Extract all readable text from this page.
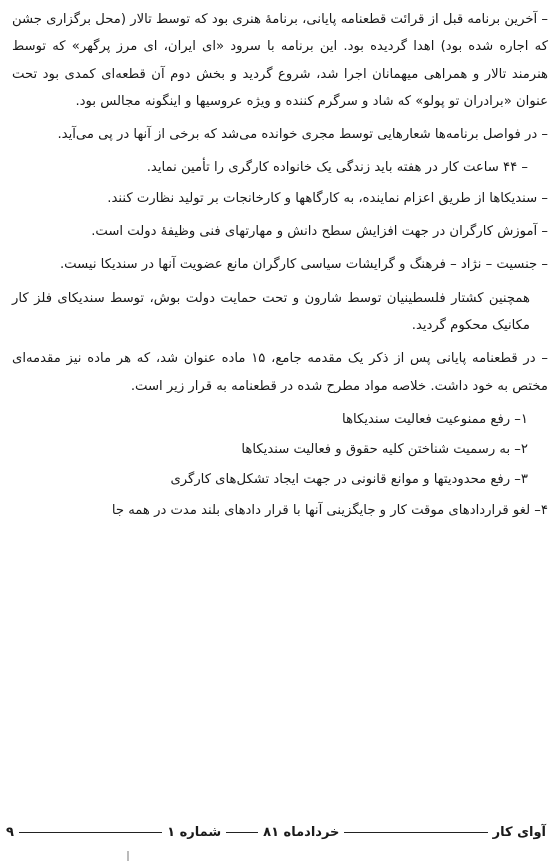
– آخرین برنامه قبل از قرائت قطعنامه پایانی، برنامهٔ هنری بود که توسط تالار (محل برگزاری جشن که اجاره شده بود) اهدا گردیده بود. این برنامه با سرود «ای ایران، ای مرز پرگهر» که توسط هنرمند تالار و همراهی میهمانان اجرا شد، شروع گردید و بخش دوم آن قطعه‌ای کمدی بود تحت عنوان «برادران تو پولو» که شاد و سرگرم کننده و ویژه عروسیها و اینگونه مجالس بود.

– در فواصل برنامه‌ها شعارهایی توسط مجری خوانده می‌شد که برخی از آنها در پی می‌آید.

– ۴۴ ساعت کار در هفته باید زندگی یک خانواده کارگری را تأمین نماید.

– سندیکاها از طریق اعزام نماینده، به کارگاهها و کارخانجات بر تولید نظارت کنند.

– آموزش کارگران در جهت افزایش سطح دانش و مهارتهای فنی وظیفهٔ دولت است.

– جنسیت – نژاد – فرهنگ و گرایشات سیاسی کارگران مانع عضویت آنها در سندیکا نیست.

همچنین کشتار فلسطینیان توسط شارون و تحت حمایت دولت بوش، توسط سندیکای فلز کار مکانیک محکوم گردید.

– در قطعنامه پایانی پس از ذکر یک مقدمه جامع، ۱۵ ماده عنوان شد، که هر ماده نیز مقدمه‌ای مختص به خود داشت. خلاصه مواد مطرح شده در قطعنامه به قرار زیر است.

۱– رفع ممنوعیت فعالیت سندیکاها

۲– به رسمیت شناختن کلیه حقوق و فعالیت سندیکاها

۳– رفع محدودیتها و موانع قانونی در جهت ایجاد تشکل‌های کارگری

۴– لغو قراردادهای موقت کار و جایگزینی آنها با قرار دادهای بلند مدت در همه جا

آوای کار
خردادماه ۸۱
شماره ۱
۹
